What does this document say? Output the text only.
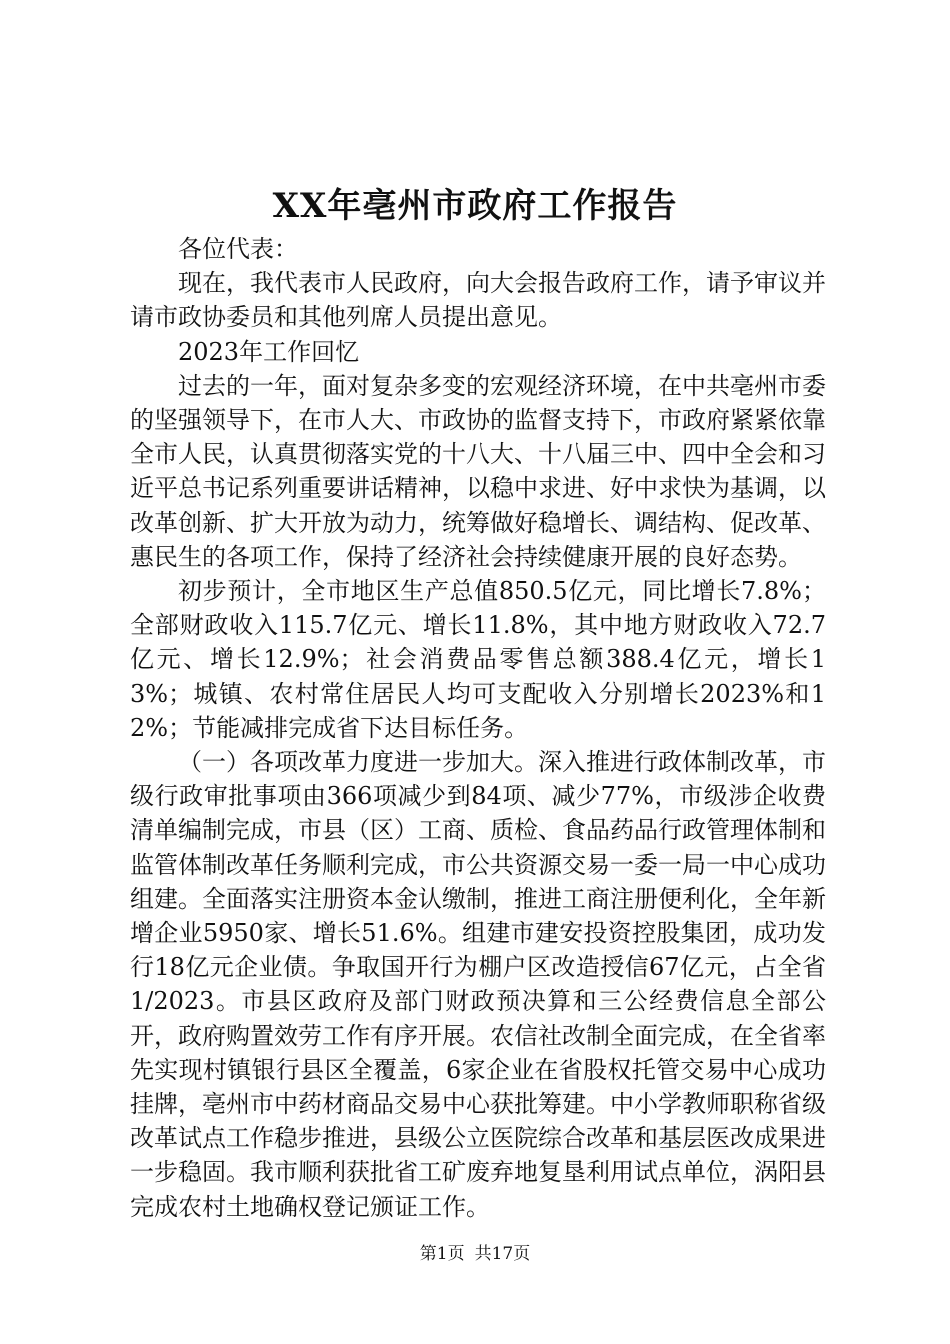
XX年亳州市政府工作报告

各位代表：

现在，我代表市人民政府，向大会报告政府工作，请予审议并请市政协委员和其他列席人员提出意见。

2023年工作回忆

过去的一年，面对复杂多变的宏观经济环境，在中共亳州市委的坚强领导下，在市人大、市政协的监督支持下，市政府紧紧依靠全市人民，认真贯彻落实党的十八大、十八届三中、四中全会和习近平总书记系列重要讲话精神，以稳中求进、好中求快为基调，以改革创新、扩大开放为动力，统筹做好稳增长、调结构、促改革、惠民生的各项工作，保持了经济社会持续健康开展的良好态势。

初步预计，全市地区生产总值850.5亿元，同比增长7.8%；全部财政收入115.7亿元、增长11.8%，其中地方财政收入72.7亿元、增长12.9%；社会消费品零售总额388.4亿元，增长13%；城镇、农村常住居民人均可支配收入分别增长2023%和12%；节能减排完成省下达目标任务。

（一）各项改革力度进一步加大。深入推进行政体制改革，市级行政审批事项由366项减少到84项、减少77%，市级涉企收费清单编制完成，市县（区）工商、质检、食品药品行政管理体制和监管体制改革任务顺利完成，市公共资源交易一委一局一中心成功组建。全面落实注册资本金认缴制，推进工商注册便利化，全年新增企业5950家、增长51.6%。组建市建安投资控股集团，成功发行18亿元企业债。争取国开行为棚户区改造授信67亿元，占全省1/2023。市县区政府及部门财政预决算和三公经费信息全部公开，政府购置效劳工作有序开展。农信社改制全面完成，在全省率先实现村镇银行县区全覆盖，6家企业在省股权托管交易中心成功挂牌，亳州市中药材商品交易中心获批筹建。中小学教师职称省级改革试点工作稳步推进，县级公立医院综合改革和基层医改成果进一步稳固。我市顺利获批省工矿废弃地复垦利用试点单位，涡阳县完成农村土地确权登记颁证工作。

第1页 共17页
